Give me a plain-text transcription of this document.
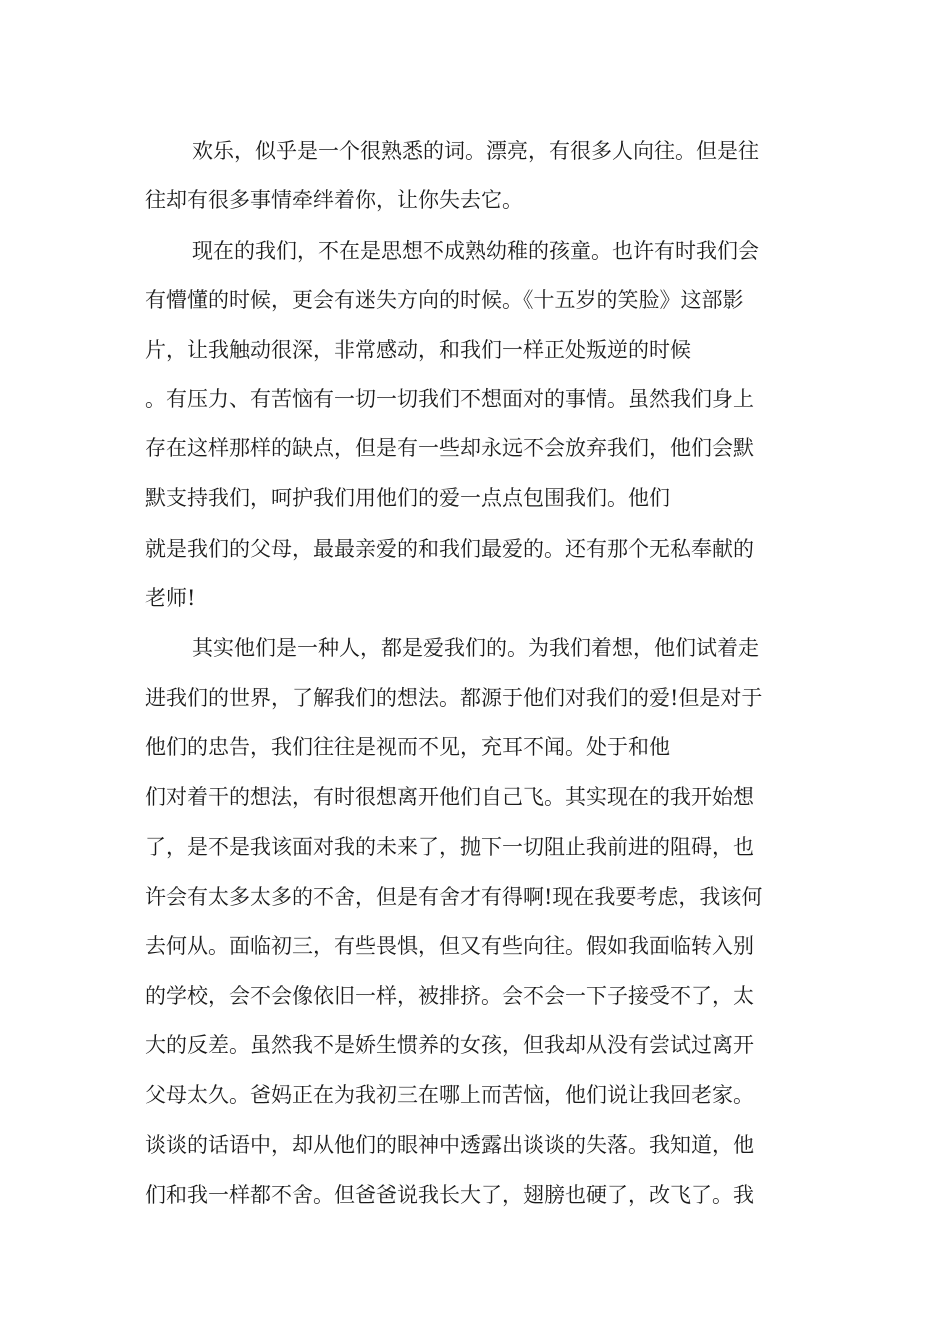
欢乐，似乎是一个很熟悉的词。漂亮，有很多人向往。但是往
往却有很多事情牵绊着你，让你失去它。
现在的我们，不在是思想不成熟幼稚的孩童。也许有时我们会
有懵懂的时候，更会有迷失方向的时候。《十五岁的笑脸》这部影
片，让我触动很深，非常感动，和我们一样正处叛逆的时候
。有压力、有苦恼有一切一切我们不想面对的事情。虽然我们身上
存在这样那样的缺点，但是有一些却永远不会放弃我们，他们会默
默支持我们，呵护我们用他们的爱一点点包围我们。他们
就是我们的父母，最最亲爱的和我们最爱的。还有那个无私奉献的
老师!
其实他们是一种人，都是爱我们的。为我们着想，他们试着走
进我们的世界，了解我们的想法。都源于他们对我们的爱!但是对于
他们的忠告，我们往往是视而不见，充耳不闻。处于和他
们对着干的想法，有时很想离开他们自己飞。其实现在的我开始想
了，是不是我该面对我的未来了，抛下一切阻止我前进的阻碍，也
许会有太多太多的不舍，但是有舍才有得啊!现在我要考虑，我该何
去何从。面临初三，有些畏惧，但又有些向往。假如我面临转入别
的学校，会不会像依旧一样，被排挤。会不会一下子接受不了，太
大的反差。虽然我不是娇生惯养的女孩，但我却从没有尝试过离开
父母太久。爸妈正在为我初三在哪上而苦恼，他们说让我回老家。
谈谈的话语中，却从他们的眼神中透露出谈谈的失落。我知道，他
们和我一样都不舍。但爸爸说我长大了，翅膀也硬了，改飞了。我
